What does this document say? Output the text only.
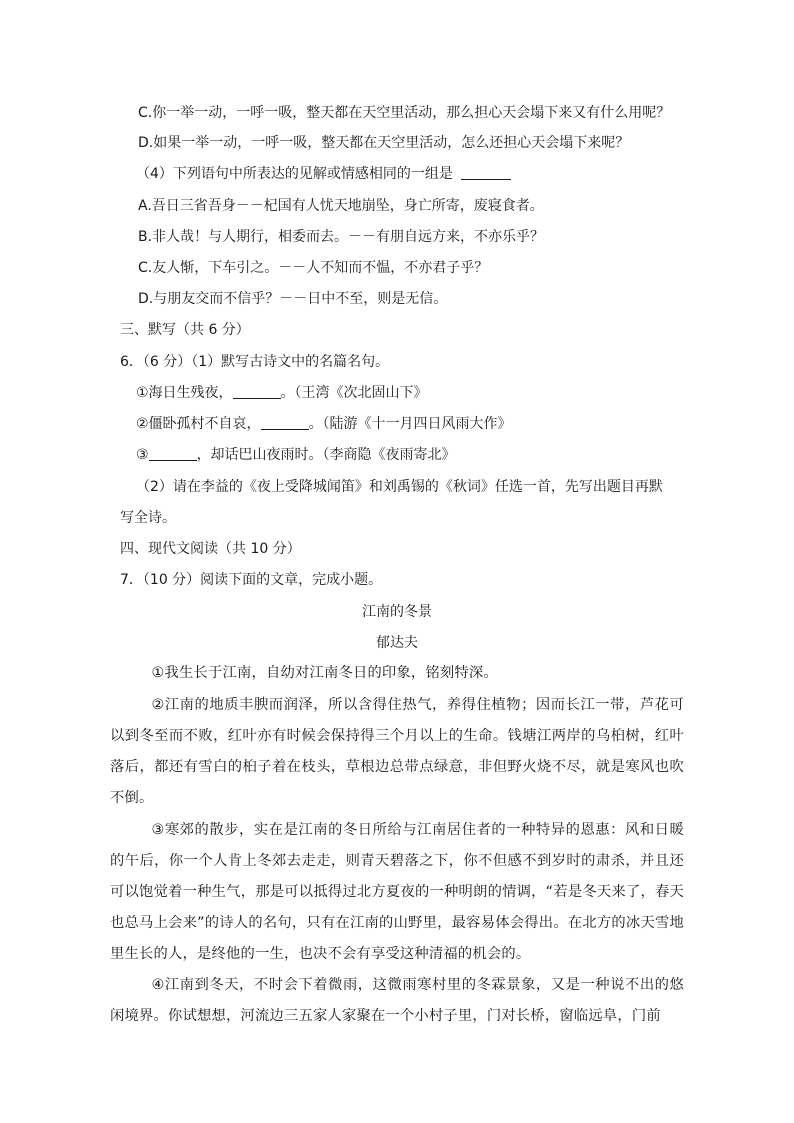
C.你一举一动，一呼一吸，整天都在天空里活动，那么担心天会塌下来又有什么用呢？
D.如果一举一动，一呼一吸，整天都在天空里活动，怎么还担心天会塌下来呢？
（4）下列语句中所表达的见解或情感相同的一组是
A.吾日三省吾身－－杞国有人忧天地崩坠，身亡所寄，废寝食者。
B.非人哉！与人期行，相委而去。－－有朋自远方来，不亦乐乎？
C.友人惭，下车引之。－－人不知而不愠，不亦君子乎？
D.与朋友交而不信乎？－－日中不至，则是无信。
三、默写（共 6 分）
6．（6 分）（1）默写古诗文中的名篇名句。
①海日生残夜，	。（王湾《次北固山下》
②僵卧孤村不自哀，	。（陆游《十一月四日风雨大作》
③	，却话巴山夜雨时。（李商隐《夜雨寄北》
（2）请在李益的《夜上受降城闻笛》和刘禹锡的《秋词》任选一首，先写出题目再默
写全诗。
四、现代文阅读（共 10 分）
7．（10 分）阅读下面的文章，完成小题。
江南的冬景
郁达夫
①我生长于江南，自幼对江南冬日的印象，铭刻特深。
②江南的地质丰腴而润泽，所以含得住热气，养得住植物；因而长江一带，芦花可以到冬至而不败，红叶亦有时候会保持得三个月以上的生命。钱塘江两岸的乌桕树，红叶落后，都还有雪白的桕子着在枝头，草根边总带点绿意，非但野火烧不尽，就是寒风也吹不倒。
③寒郊的散步，实在是江南的冬日所给与江南居住者的一种特异的恩惠：风和日暖的午后，你一个人肯上冬郊去走走，则青天碧落之下，你不但感不到岁时的肃杀，并且还可以饱觉着一种生气，那是可以抵得过北方夏夜的一种明朗的情调，“若是冬天来了，春天也总马上会来”的诗人的名句，只有在江南的山野里，最容易体会得出。在北方的冰天雪地里生长的人，是终他的一生，也决不会有享受这种清福的机会的。
④江南到冬天，不时会下着微雨，这微雨寒村里的冬霖景象，又是一种说不出的悠闲境界。你试想想，河流边三五家人家聚在一个小村子里，门对长桥，窗临远阜，门前
